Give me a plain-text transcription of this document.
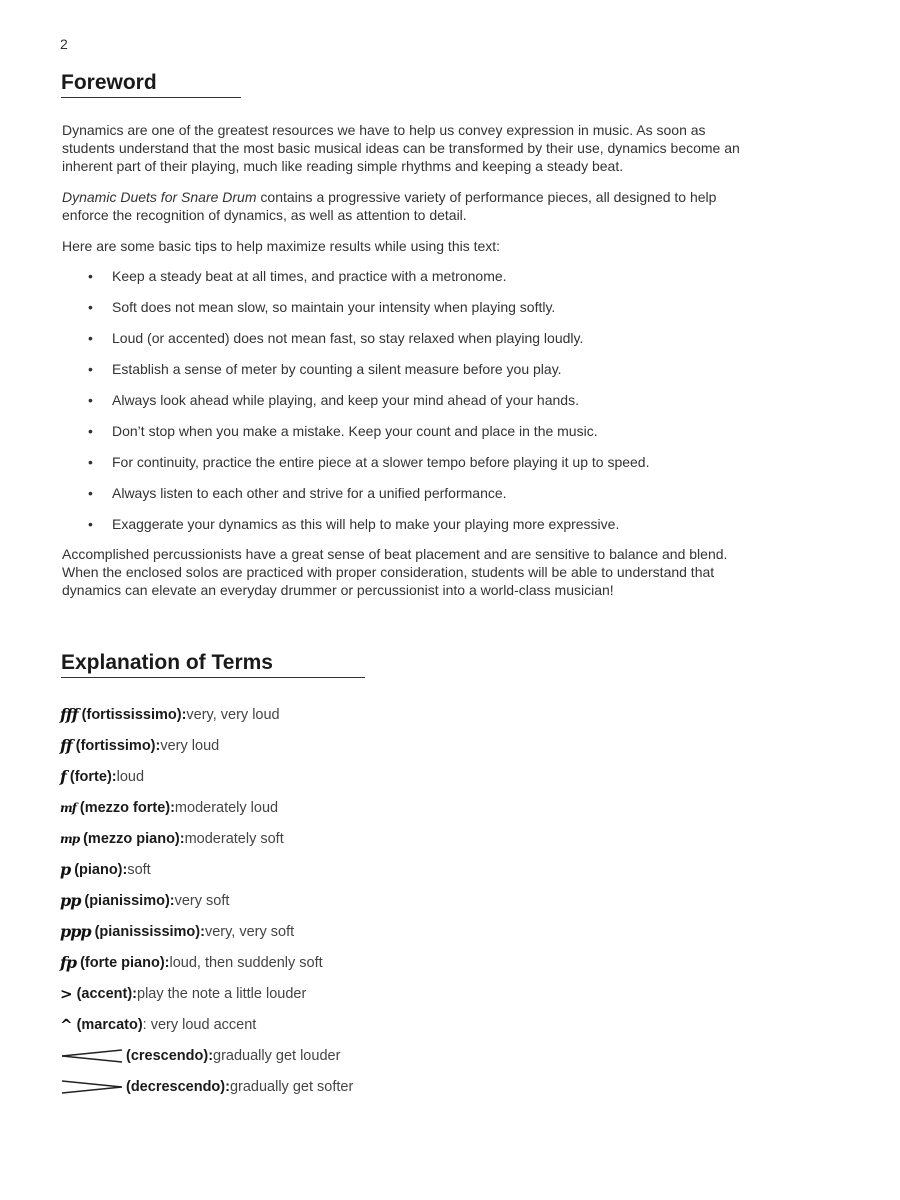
2
Foreword

Dynamics are one of the greatest resources we have to help us convey expression in music. As soon as students understand that the most basic musical ideas can be transformed by their use, dynamics become an inherent part of their playing, much like reading simple rhythms and keeping a steady beat.

Dynamic Duets for Snare Drum contains a progressive variety of performance pieces, all designed to help enforce the recognition of dynamics, as well as attention to detail.

Here are some basic tips to help maximize results while using this text:

• Keep a steady beat at all times, and practice with a metronome.
• Soft does not mean slow, so maintain your intensity when playing softly.
• Loud (or accented) does not mean fast, so stay relaxed when playing loudly.
• Establish a sense of meter by counting a silent measure before you play.
• Always look ahead while playing, and keep your mind ahead of your hands.
• Don’t stop when you make a mistake. Keep your count and place in the music.
• For continuity, practice the entire piece at a slower tempo before playing it up to speed.
• Always listen to each other and strive for a unified performance.
• Exaggerate your dynamics as this will help to make your playing more expressive.

Accomplished percussionists have a great sense of beat placement and are sensitive to balance and blend. When the enclosed solos are practiced with proper consideration, students will be able to understand that dynamics can elevate an everyday drummer or percussionist into a world-class musician!

Explanation of Terms
fff (fortississimo): very, very loud
ff (fortissimo): very loud
f (forte): loud
mf (mezzo forte): moderately loud
mp (mezzo piano): moderately soft
p (piano): soft
pp (pianissimo): very soft
ppp (pianississimo): very, very soft
fp (forte piano): loud, then suddenly soft
> (accent): play the note a little louder
^ (marcato) : very loud accent
(crescendo): gradually get louder
(decrescendo): gradually get softer
